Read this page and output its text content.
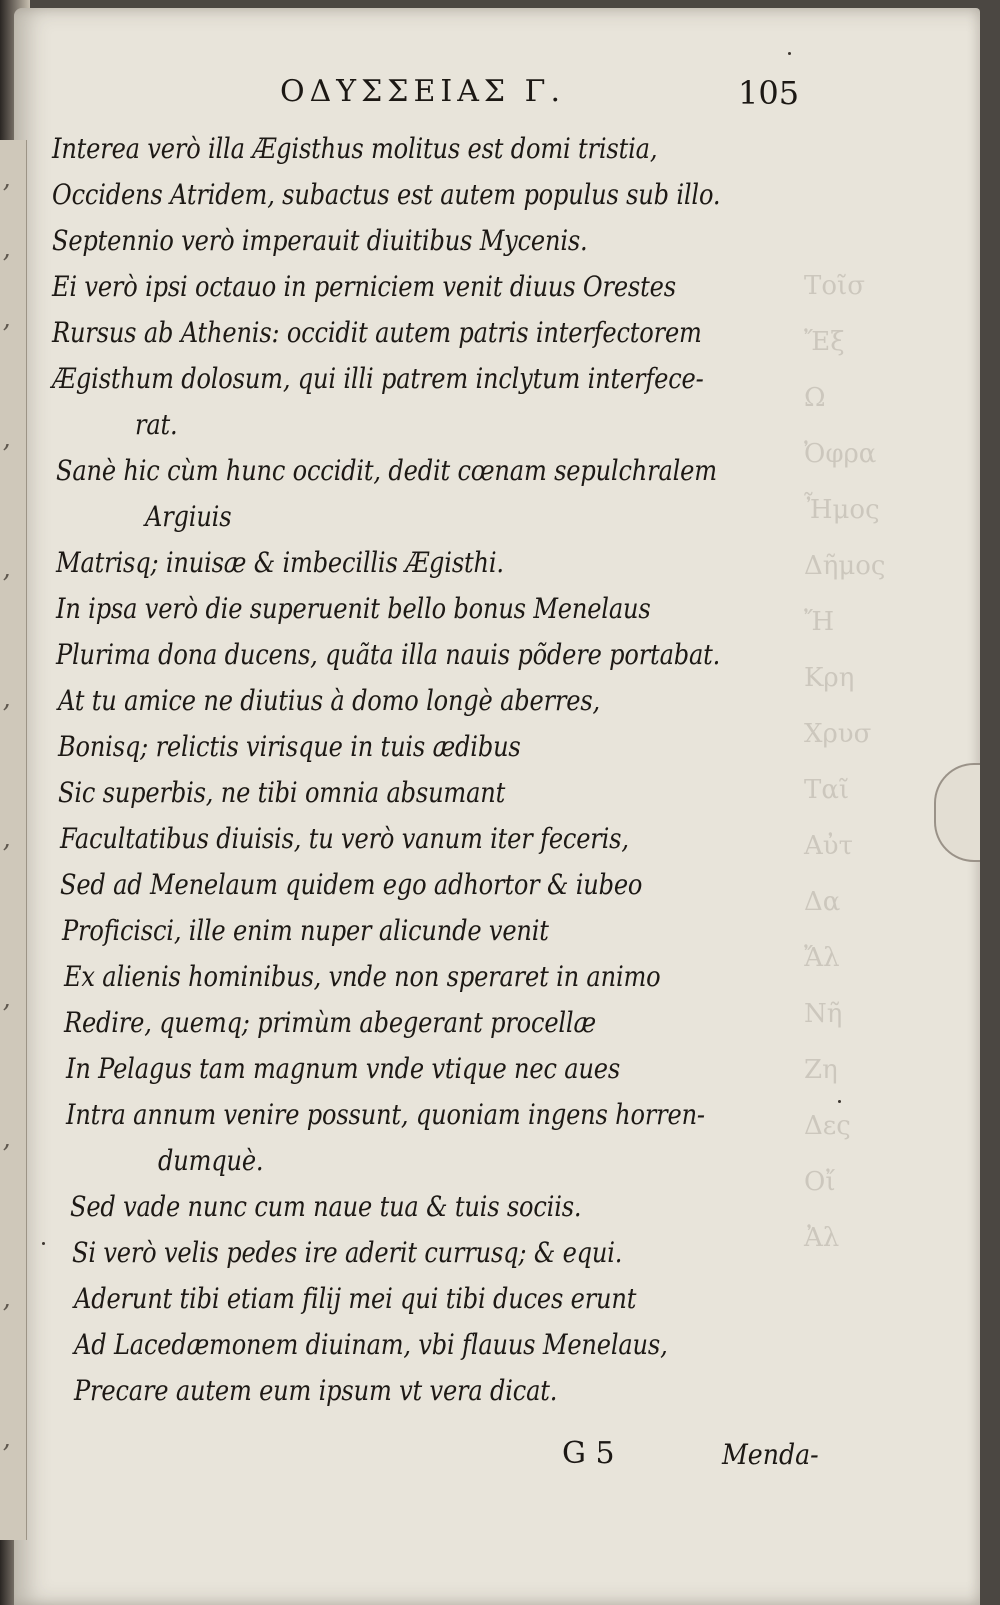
Τοῖσ
Ἔξ
Ω
Ὀφρα
Ἦμος
Δῆμος
Ἤ
Κρη
Χρυσ
Ταῖ
Αὐτ
Δα
Ἄλ
Νῆ
Ζη
Δες
Οἴ
Ἀλ
’
’
’
’
’
’
’
’
’
’
’
ΟΔΥΣΣΕΙΑΣ Γ.	105
Interea verò illa Ægisthus molitus est domi tristia,
Occidens Atridem, subactus est autem populus sub illo.
Septennio verò imperauit diuitibus Mycenis.
Ei verò ipsi octauo in perniciem venit diuus Orestes
Rursus ab Athenis: occidit autem patris interfectorem
Ægisthum dolosum, qui illi patrem inclytum interfece-
rat.
Sanè hic cùm hunc occidit, dedit cœnam sepulchralem
Argiuis
Matrisq; inuisæ & imbecillis Ægisthi.
In ipsa verò die superuenit bello bonus Menelaus
Plurima dona ducens, quãta illa nauis põdere portabat.
At tu amice ne diutius à domo longè aberres,
Bonisq; relictis virisque in tuis ædibus
Sic superbis, ne tibi omnia absumant
Facultatibus diuisis, tu verò vanum iter feceris,
Sed ad Menelaum quidem ego adhortor & iubeo
Proficisci, ille enim nuper alicunde venit
Ex alienis hominibus, vnde non speraret in animo
Redire, quemq; primùm abegerant procellæ
In Pelagus tam magnum vnde vtique nec aues
Intra annum venire possunt, quoniam ingens horren-
dumquè.
Sed vade nunc cum naue tua & tuis sociis.
Si verò velis pedes ire aderit currusq; & equi.
Aderunt tibi etiam filij mei qui tibi duces erunt
Ad Lacedæmonem diuinam, vbi flauus Menelaus,
Precare autem eum ipsum vt vera dicat.
G 5	Menda-
